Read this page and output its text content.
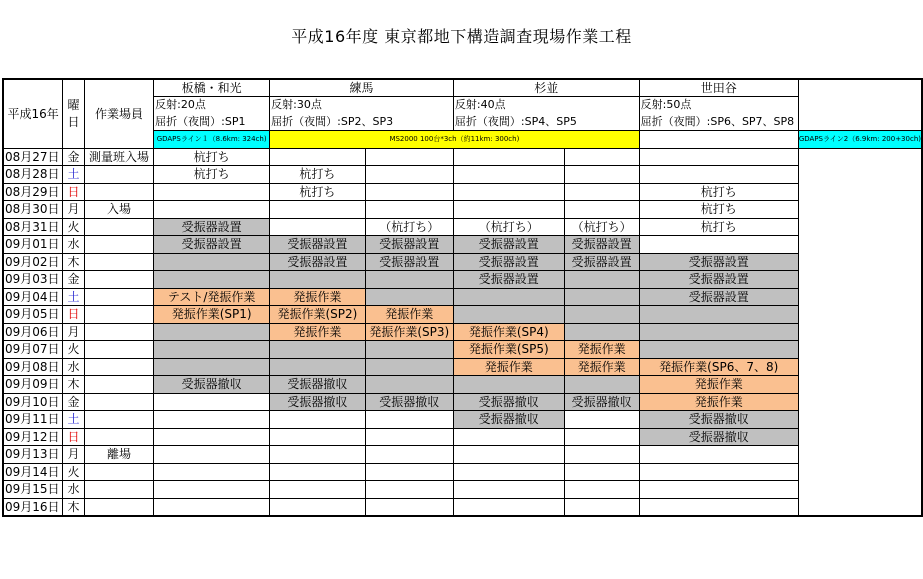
平成16年度 東京都地下構造調査現場作業工程
平成16年	曜日	作業場員	板橋・和光	練馬		杉並		世田谷	
			反射:20点	反射:30点		反射:40点		反射:50点	
			屈折（夜間）:SP1	屈折（夜間）:SP2、SP3		屈折（夜間）:SP4、SP5		屈折（夜間）:SP6、SP7、SP8	
			GDAPSライン１（8.6km: 324ch)	MS2000 100台*3ch（約11km: 300ch)					GDAPSライン2（6.9km: 200+30ch)
08月27日	金	測量班入場	杭打ち						
08月28日	土		杭打ち	杭打ち					
08月29日	日			杭打ち				杭打ち	
08月30日	月	入場						杭打ち	
08月31日	火		受振器設置		（杭打ち）	（杭打ち）	（杭打ち）	杭打ち	
09月01日	水		受振器設置	受振器設置	受振器設置	受振器設置	受振器設置		
09月02日	木			受振器設置	受振器設置	受振器設置	受振器設置	受振器設置	
09月03日	金					受振器設置		受振器設置	
09月04日	土		テスト/発振作業	発振作業				受振器設置	
09月05日	日		発振作業(SP1)	発振作業(SP2)	発振作業				
09月06日	月			発振作業	発振作業(SP3)	発振作業(SP4)			
09月07日	火					発振作業(SP5)	発振作業		
09月08日	水					発振作業	発振作業	発振作業(SP6、7、8)	
09月09日	木		受振器撤収	受振器撤収				発振作業	
09月10日	金			受振器撤収	受振器撤収	受振器撤収	受振器撤収	発振作業	
09月11日	土					受振器撤収		受振器撤収	
09月12日	日							受振器撤収	
09月13日	月	離場							
09月14日	火								
09月15日	水								
09月16日	木								
